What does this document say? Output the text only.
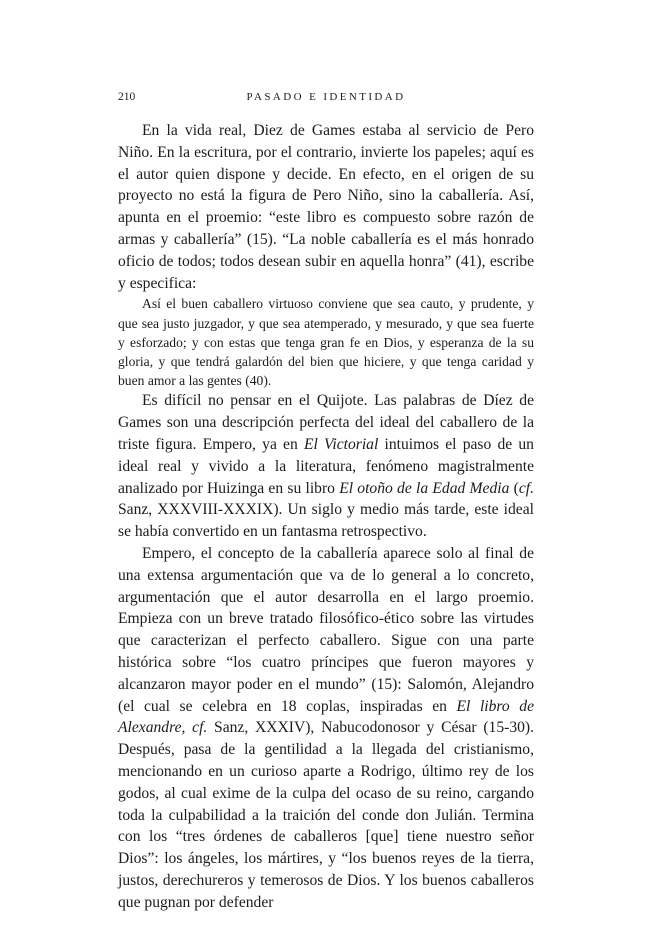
210	PASADO E IDENTIDAD

En la vida real, Diez de Games estaba al servicio de Pero Niño. En la escritura, por el contrario, invierte los papeles; aquí es el autor quien dispone y decide. En efecto, en el origen de su proyecto no está la figura de Pero Niño, sino la caballería. Así, apunta en el proemio: “este libro es compuesto sobre razón de armas y caballería” (15). “La noble caballería es el más honrado oficio de todos; todos desean subir en aquella honra” (41), escribe y especifica:

Así el buen caballero virtuoso conviene que sea cauto, y prudente, y que sea justo juzgador, y que sea atemperado, y mesurado, y que sea fuerte y esforzado; y con estas que tenga gran fe en Dios, y esperanza de la su gloria, y que tendrá galardón del bien que hiciere, y que tenga caridad y buen amor a las gentes (40).

Es difícil no pensar en el Quijote. Las palabras de Díez de Games son una descripción perfecta del ideal del caballero de la triste figura. Empero, ya en El Victorial intuimos el paso de un ideal real y vivido a la literatura, fenómeno magistralmente analizado por Huizinga en su libro El otoño de la Edad Media (cf. Sanz, XXXVIII-XXXIX). Un siglo y medio más tarde, este ideal se había convertido en un fantasma retrospectivo.

Empero, el concepto de la caballería aparece solo al final de una extensa argumentación que va de lo general a lo concreto, argumentación que el autor desarrolla en el largo proemio. Empieza con un breve tratado filosófico-ético sobre las virtudes que caracterizan el perfecto caballero. Sigue con una parte histórica sobre “los cuatro príncipes que fueron mayores y alcanzaron mayor poder en el mundo” (15): Salomón, Alejandro (el cual se celebra en 18 coplas, inspiradas en El libro de Alexandre, cf. Sanz, XXXIV), Nabucodonosor y César (15-30). Después, pasa de la gentilidad a la llegada del cristianismo, mencionando en un curioso aparte a Rodrigo, último rey de los godos, al cual exime de la culpa del ocaso de su reino, cargando toda la culpabilidad a la traición del conde don Julián. Termina con los “tres órdenes de caballeros [que] tiene nuestro señor Dios”: los ángeles, los mártires, y “los buenos reyes de la tierra, justos, derechureros y temerosos de Dios. Y los buenos caballeros que pugnan por defender
